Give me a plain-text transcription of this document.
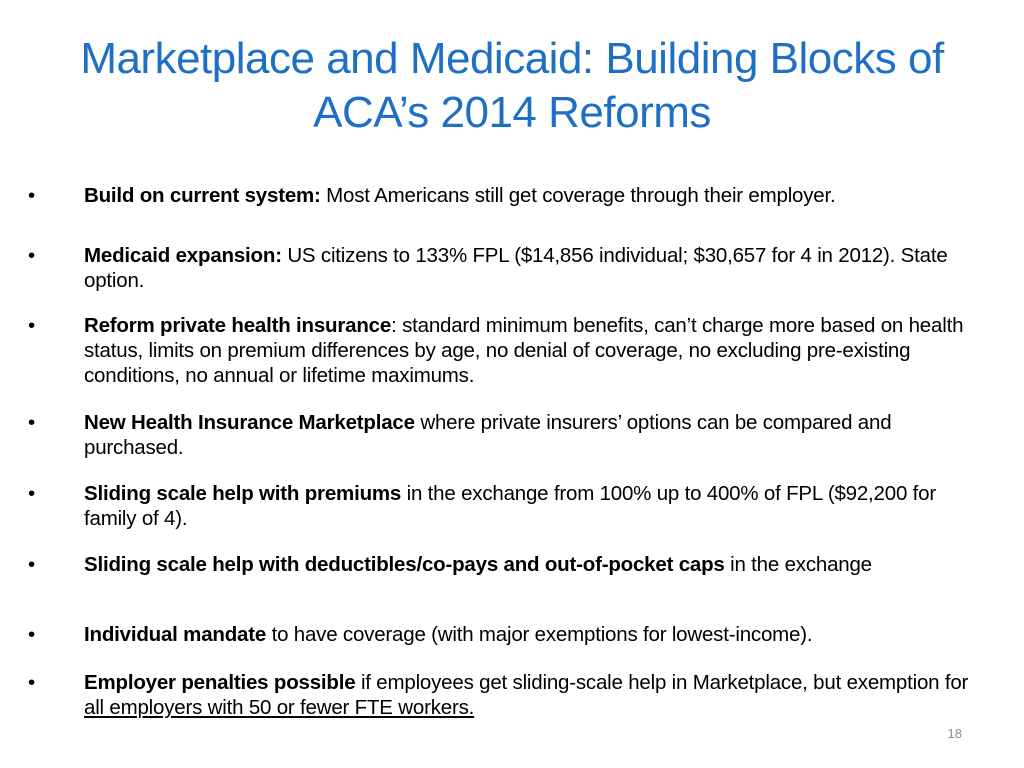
Marketplace and Medicaid: Building Blocks of
ACA’s 2014 Reforms
•	Build on current system: Most Americans still get coverage through their employer.
•	Medicaid expansion: US citizens to 133% FPL ($14,856 individual; $30,657 for 4 in 2012). State option.
•	Reform private health insurance: standard minimum benefits, can’t charge more based on health status, limits on premium differences by age, no denial of coverage, no excluding pre-existing conditions, no annual or lifetime maximums.
•	New Health Insurance Marketplace where private insurers’ options can be compared and purchased.
•	Sliding scale help with premiums in the exchange from 100% up to 400% of FPL ($92,200 for family of 4).
•	Sliding scale help with deductibles/co-pays and out-of-pocket caps in the exchange
•	Individual mandate to have coverage (with major exemptions for lowest-income).
•	Employer penalties possible if employees get sliding-scale help in Marketplace, but exemption for all employers with 50 or fewer FTE workers.
18
